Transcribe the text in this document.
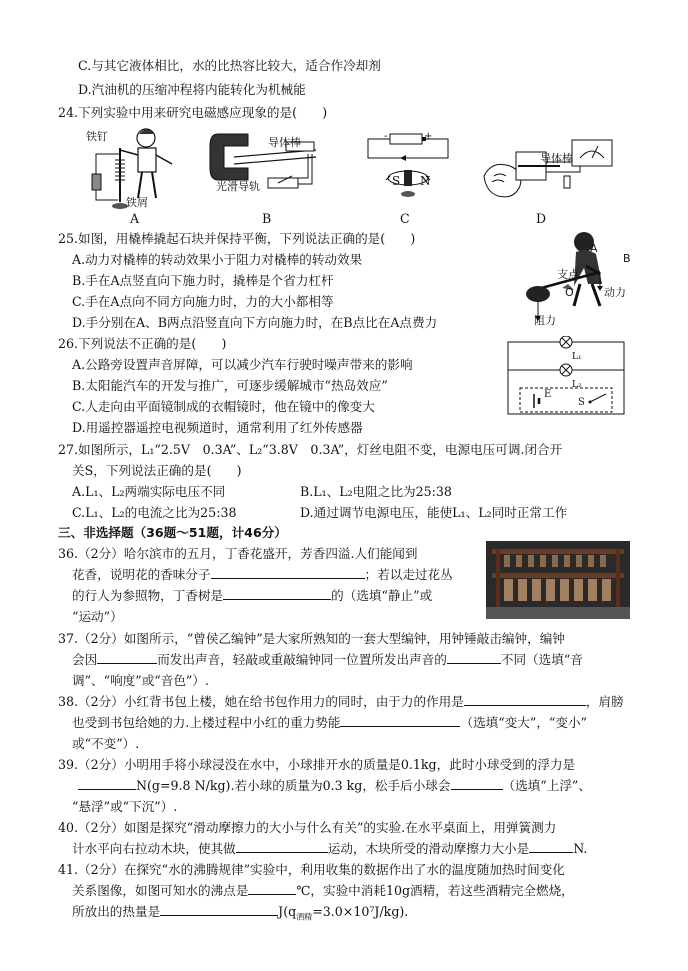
C.与其它液体相比，水的比热容比较大，适合作冷却剂
D.汽油机的压缩冲程将内能转化为机械能
24.下列实验中用来研究电磁感应现象的是(　　)
铁钉
铁屑
A
导体棒
光滑导轨
B
-	+
S N
C
导体棒
D
25.如图，用橇棒撬起石块并保持平衡，下列说法正确的是(　　)
A.动力对橇棒的转动效果小于阻力对橇棒的转动效果
B.手在A点竖直向下施力时，撬棒是个省力杠杆
C.手在A点向不同方向施力时，力的大小都相等
D.手分别在A、B两点沿竖直向下方向施力时，在B点比在A点费力
A
B
支点
O	动力
阻力
26.下列说法不正确的是(　　)
A.公路旁设置声音屏障，可以减少汽车行驶时噪声带来的影响
B.太阳能汽车的开发与推广，可逐步缓解城市“热岛效应”
C.人走向由平面镜制成的衣帽镜时，他在镜中的像变大
D.用遥控器遥控电视频道时，通常利用了红外传感器
L₁
L₂
E
S
27.如图所示，L₁“2.5V　0.3A”、L₂“3.8V　0.3A”，灯丝电阻不变，电源电压可调.闭合开
关S，下列说法正确的是(　　)
A.L₁、L₂两端实际电压不同	B.L₁、L₂电阻之比为25:38
C.L₁、L₂的电流之比为25:38	D.通过调节电源电压，能使L₁、L₂同时正常工作
三、非选择题（36题～51题，计46分）
36.（2分）哈尔滨市的五月，丁香花盛开，芳香四溢.人们能闻到
花香，说明花的香味分子	；若以走过花丛
的行人为参照物，丁香树是	的（选填“静止”或
“运动”）
37.（2分）如图所示，“曾侯乙编钟”是大家所熟知的一套大型编钟，用钟锤敲击编钟，编钟
会因	而发出声音，轻敲或重敲编钟同一位置所发出声音的	不同（选填“音
调”、“响度”或“音色”）.
38.（2分）小红背书包上楼，她在给书包作用力的同时，由于力的作用是	，肩膀
也受到书包给她的力.上楼过程中小红的重力势能	（选填“变大”，“变小”
或“不变”）.
39.（2分）小明用手将小球浸没在水中，小球排开水的质量是0.1kg，此时小球受到的浮力是
N(g=9.8 N/kg).若小球的质量为0.3 kg，松手后小球会	（选填“上浮”、
“悬浮”或“下沉”）.
40.（2分）如图是探究“滑动摩擦力的大小与什么有关”的实验.在水平桌面上，用弹簧测力
计水平向右拉动木块，使其做	运动，木块所受的滑动摩擦力大小是	N.
41.（2分）在探究“水的沸腾规律”实验中，利用收集的数据作出了水的温度随加热时间变化
关系图像，如图可知水的沸点是	℃，实验中消耗10g酒精，若这些酒精完全燃烧，
所放出的热量是	$J(q_{酒精}=3.0\times 10^7J/kg)$.
